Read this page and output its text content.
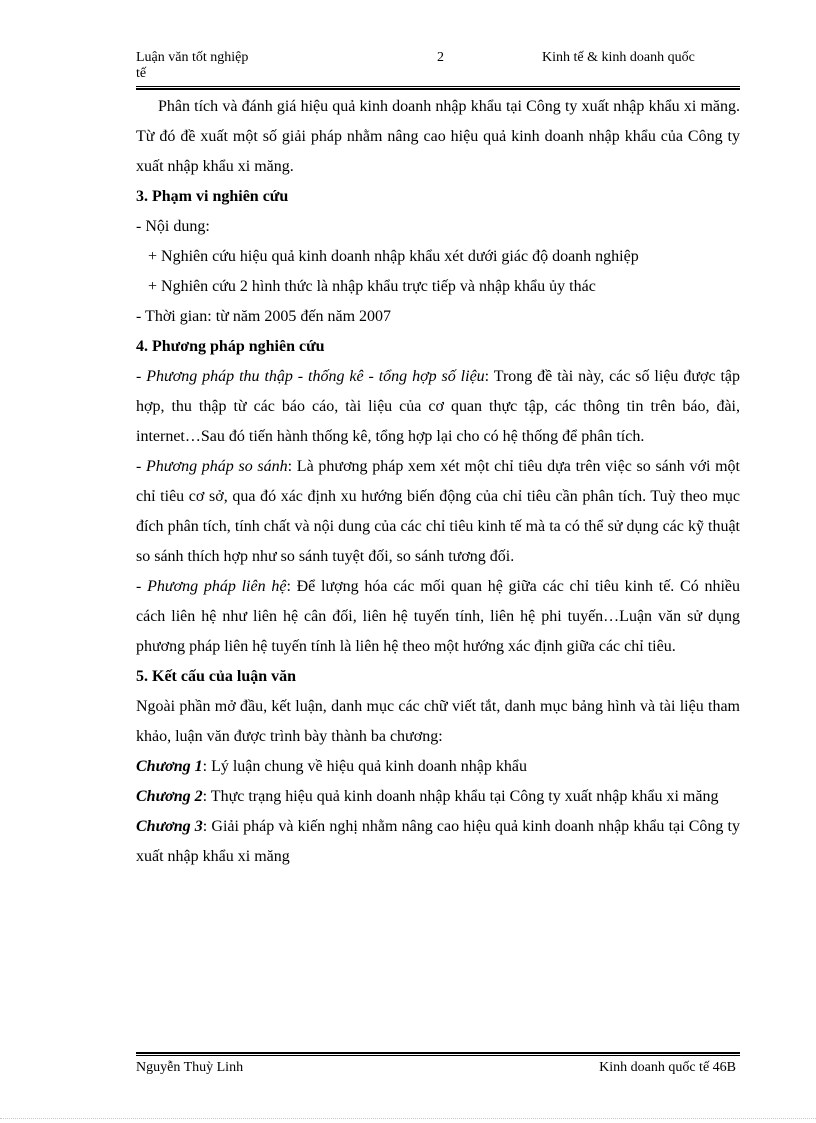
Luận văn tốt nghiệp
tế
2	Kinh tế & kinh doanh quốc

Phân tích và đánh giá hiệu quả kinh doanh nhập khẩu tại Công ty xuất nhập khẩu xi măng. Từ đó đề xuất một số giải pháp nhằm nâng cao hiệu quả kinh doanh nhập khẩu của Công ty xuất nhập khẩu xi măng.

3. Phạm vi nghiên cứu

- Nội dung:

+ Nghiên cứu hiệu quả kinh doanh nhập khẩu xét dưới giác độ doanh nghiệp

+ Nghiên cứu 2 hình thức là nhập khẩu trực tiếp và nhập khẩu ủy thác

- Thời gian: từ năm 2005 đến năm 2007

4. Phương pháp nghiên cứu

- Phương pháp thu thập - thống kê - tổng hợp số liệu: Trong đề tài này, các số liệu được tập hợp, thu thập từ các báo cáo, tài liệu của cơ quan thực tập, các thông tin trên báo, đài, internet…Sau đó tiến hành thống kê, tổng hợp lại cho có hệ thống để phân tích.

- Phương pháp so sánh: Là phương pháp xem xét một chỉ tiêu dựa trên việc so sánh với một chỉ tiêu cơ sở, qua đó xác định xu hướng biến động của chỉ tiêu cần phân tích. Tuỳ theo mục đích phân tích, tính chất và nội dung của các chỉ tiêu kinh tế mà ta có thể sử dụng các kỹ thuật so sánh thích hợp như so sánh tuyệt đối, so sánh tương đối.

- Phương pháp liên hệ: Để lượng hóa các mối quan hệ giữa các chỉ tiêu kinh tế. Có nhiều cách liên hệ như liên hệ cân đối, liên hệ tuyến tính, liên hệ phi tuyến…Luận văn sử dụng phương pháp liên hệ tuyến tính là liên hệ theo một hướng xác định giữa các chỉ tiêu.

5. Kết cấu của luận văn

Ngoài phần mở đầu, kết luận, danh mục các chữ viết tắt, danh mục bảng hình và tài liệu tham khảo, luận văn được trình bày thành ba chương:

Chương 1: Lý luận chung về hiệu quả kinh doanh nhập khẩu

Chương 2: Thực trạng hiệu quả kinh doanh nhập khẩu tại Công ty xuất nhập khẩu xi măng

Chương 3: Giải pháp và kiến nghị nhằm nâng cao hiệu quả kinh doanh nhập khẩu tại Công ty xuất nhập khẩu xi măng

Nguyễn Thuỳ Linh	Kinh doanh quốc tế 46B
